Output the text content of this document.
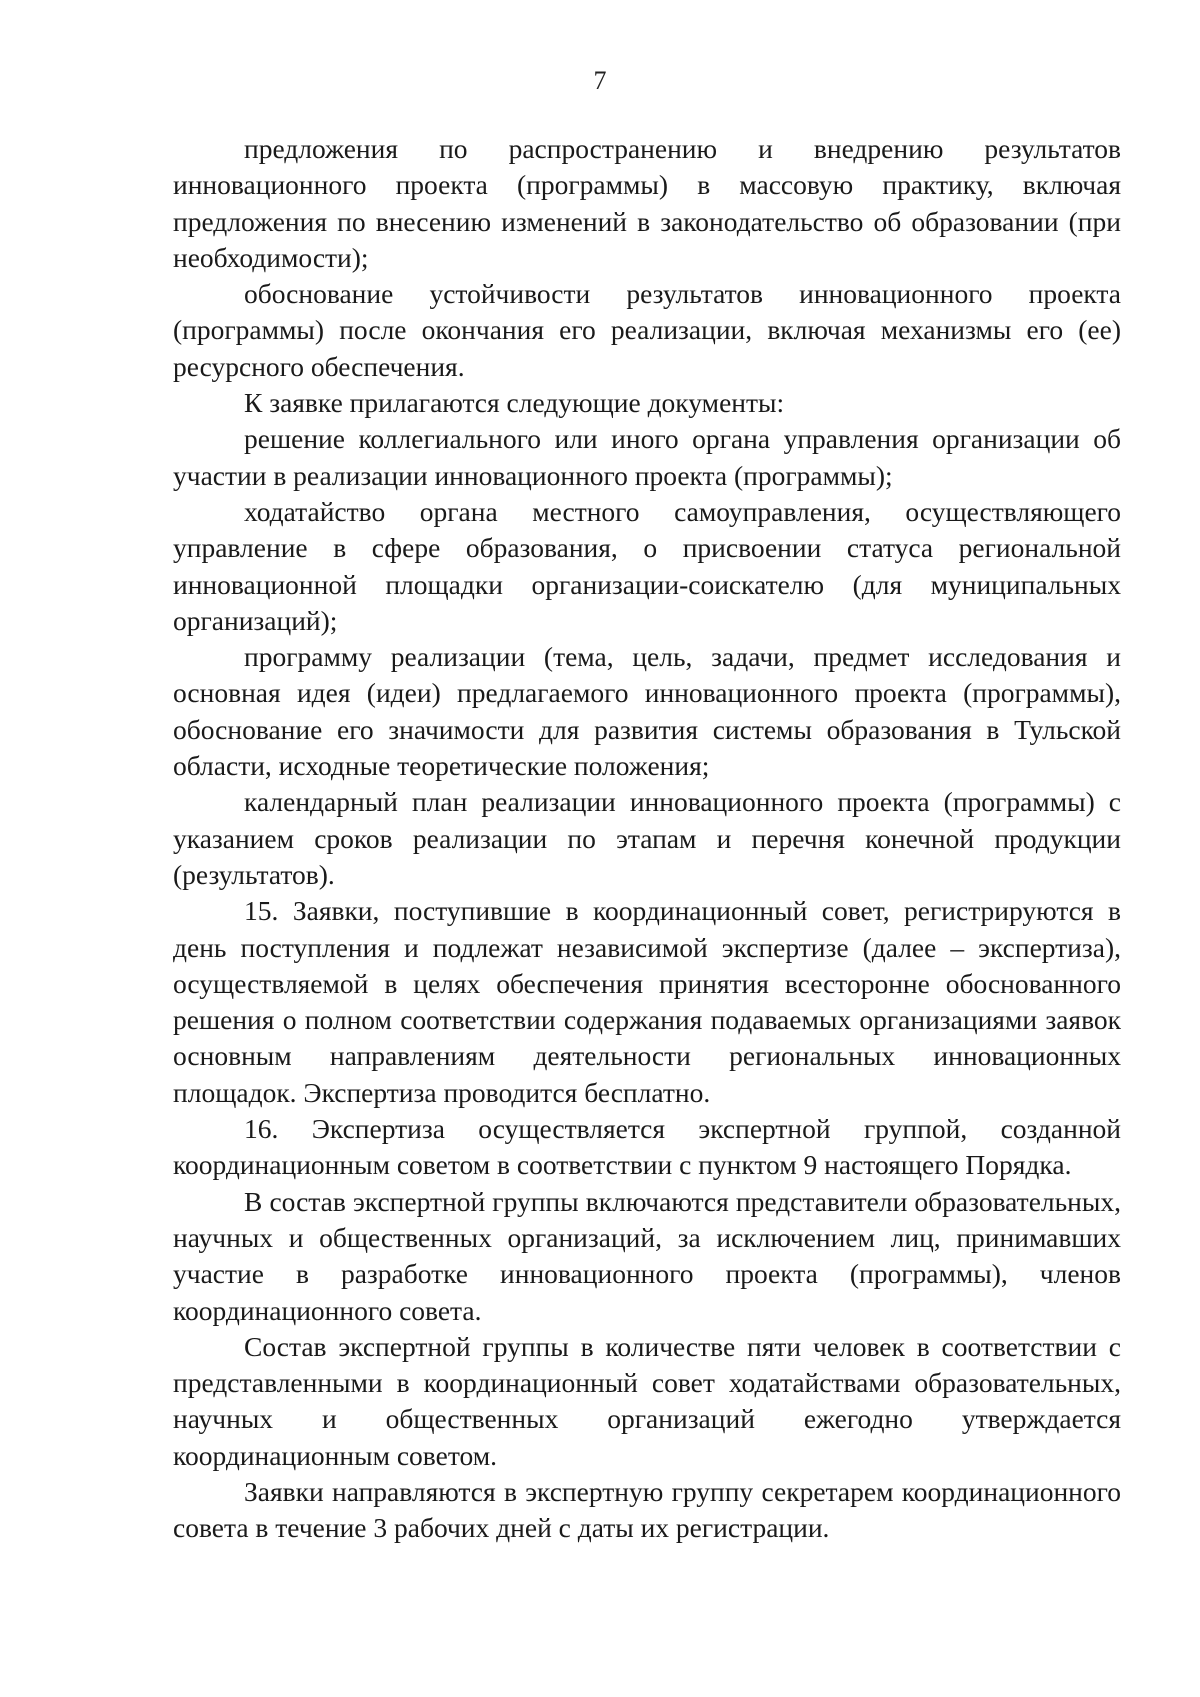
7

предложения по распространению и внедрению результатов инновационного проекта (программы) в массовую практику, включая предложения по внесению изменений в законодательство об образовании (при необходимости);

обоснование устойчивости результатов инновационного проекта (программы) после окончания его реализации, включая механизмы его (ее) ресурсного обеспечения.

К заявке прилагаются следующие документы:

решение коллегиального или иного органа управления организации об участии в реализации инновационного проекта (программы);

ходатайство органа местного самоуправления, осуществляющего управление в сфере образования, о присвоении статуса региональной инновационной площадки организации-соискателю (для муниципальных организаций);

программу реализации (тема, цель, задачи, предмет исследования и основная идея (идеи) предлагаемого инновационного проекта (программы), обоснование его значимости для развития системы образования в Тульской области, исходные теоретические положения;

календарный план реализации инновационного проекта (программы) с указанием сроков реализации по этапам и перечня конечной продукции (результатов).

15. Заявки, поступившие в координационный совет, регистрируются в день поступления и подлежат независимой экспертизе (далее – экспертиза), осуществляемой в целях обеспечения принятия всесторонне обоснованного решения о полном соответствии содержания подаваемых организациями заявок основным направлениям деятельности региональных инновационных площадок. Экспертиза проводится бесплатно.

16. Экспертиза осуществляется экспертной группой, созданной координационным советом в соответствии с пунктом 9 настоящего Порядка.

В состав экспертной группы включаются представители образовательных, научных и общественных организаций, за исключением лиц, принимавших участие в разработке инновационного проекта (программы), членов координационного совета.

Состав экспертной группы в количестве пяти человек в соответствии с представленными в координационный совет ходатайствами образовательных, научных и общественных организаций ежегодно утверждается координационным советом.

Заявки направляются в экспертную группу секретарем координационного совета в течение 3 рабочих дней с даты их регистрации.
